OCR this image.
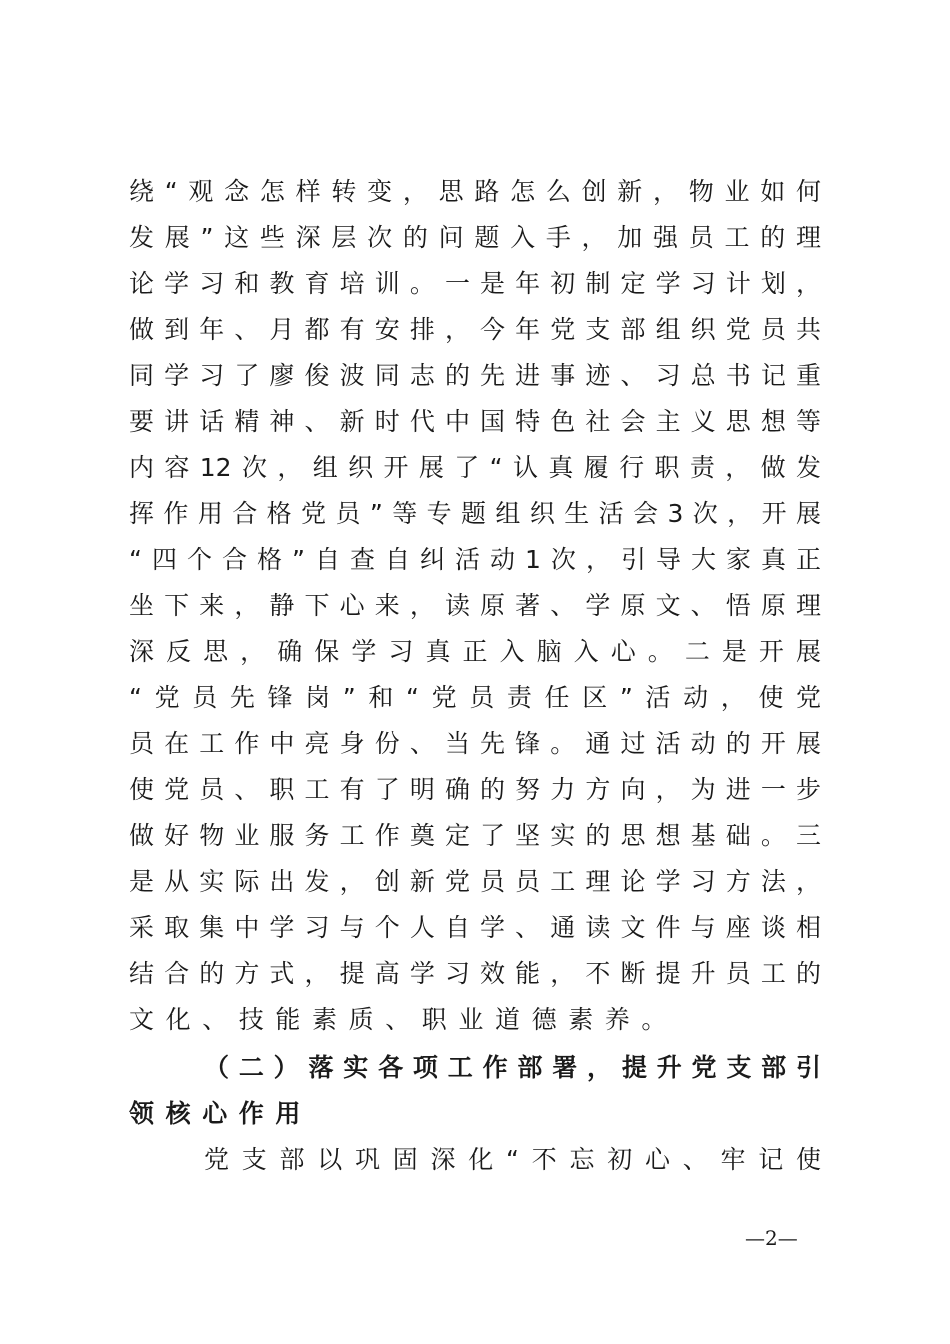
绕“观念怎样转变，思路怎么创新，物业如何
发展”这些深层次的问题入手，加强员工的理
论学习和教育培训。一是年初制定学习计划，
做到年、月都有安排，今年党支部组织党员共
同学习了廖俊波同志的先进事迹、习总书记重
要讲话精神、新时代中国特色社会主义思想等
内容12次，组织开展了“认真履行职责，做发
挥作用合格党员”等专题组织生活会3次，开展
“四个合格”自查自纠活动1次，引导大家真正
坐下来，静下心来，读原著、学原文、悟原理
深反思，确保学习真正入脑入心。二是开展
“党员先锋岗”和“党员责任区”活动，使党
员在工作中亮身份、当先锋。通过活动的开展
使党员、职工有了明确的努力方向，为进一步
做好物业服务工作奠定了坚实的思想基础。三
是从实际出发，创新党员员工理论学习方法，
采取集中学习与个人自学、通读文件与座谈相
结合的方式，提高学习效能，不断提升员工的
文化、技能素质、职业道德素养。
（二）落实各项工作部署，提升党支部引
领核心作用
党支部以巩固深化“不忘初心、牢记使
—2—
